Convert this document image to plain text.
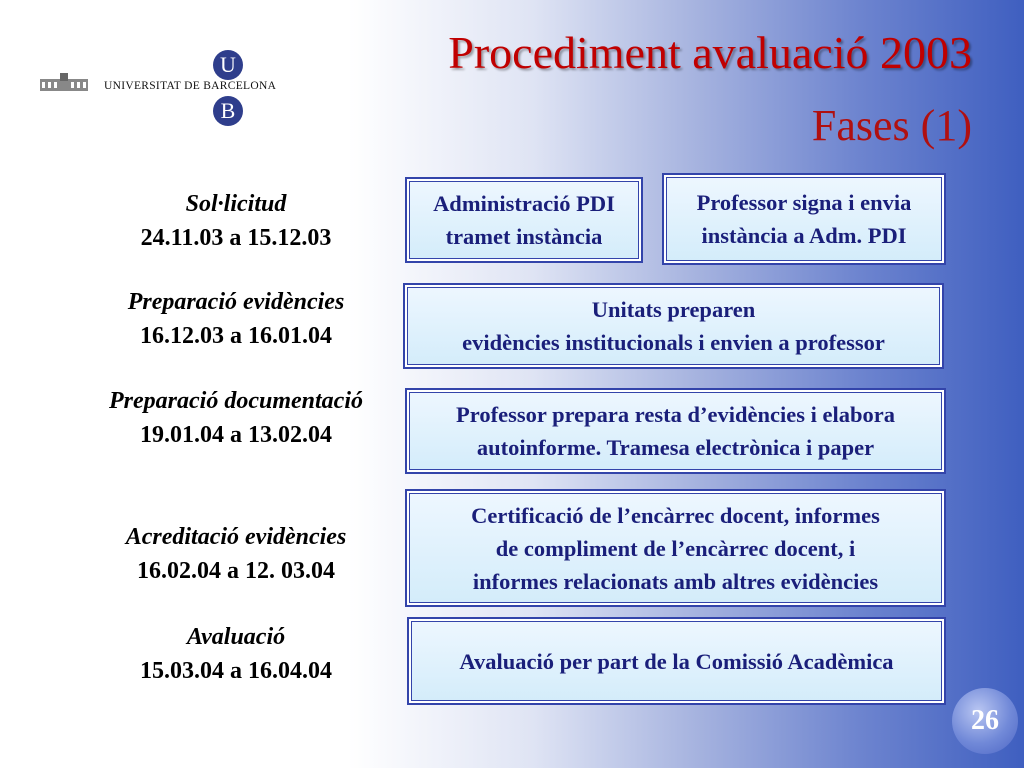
U
UNIVERSITAT DE BARCELONA
B
Procediment avaluació 2003
Fases (1)
Sol·licitud
24.11.03 a 15.12.03
Preparació evidències
16.12.03 a 16.01.04
Preparació documentació
19.01.04 a 13.02.04
Acreditació evidències
16.02.04 a 12. 03.04
Avaluació
15.03.04 a 16.04.04
Administració PDI
tramet instància
Professor signa i envia
instància a Adm. PDI
Unitats preparen
evidències institucionals i envien a professor
Professor prepara resta d’evidències i elabora
autoinforme. Tramesa electrònica i paper
Certificació de l’encàrrec docent, informes
de compliment de l’encàrrec docent, i
informes relacionats amb altres evidències
Avaluació per part de la Comissió Acadèmica
26
